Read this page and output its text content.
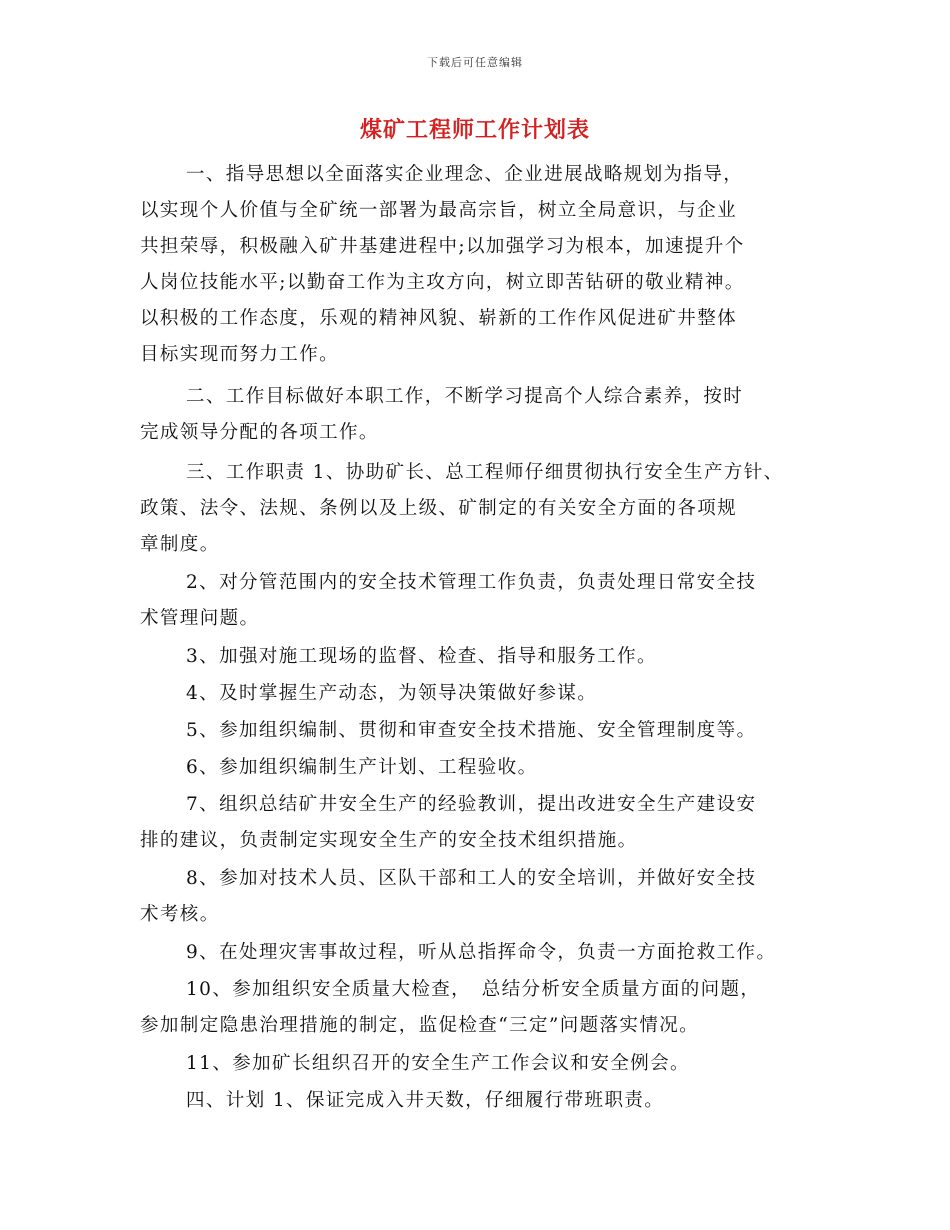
下载后可任意编辑
煤矿工程师工作计划表
一、指导思想以全面落实企业理念、企业进展战略规划为指导，
以实现个人价值与全矿统一部署为最高宗旨，树立全局意识，与企业
共担荣辱，积极融入矿井基建进程中;以加强学习为根本，加速提升个
人岗位技能水平;以勤奋工作为主攻方向，树立即苦钻研的敬业精神。
以积极的工作态度，乐观的精神风貌、崭新的工作作风促进矿井整体
目标实现而努力工作。
二、工作目标做好本职工作，不断学习提高个人综合素养，按时
完成领导分配的各项工作。
三、工作职责 1、协助矿长、总工程师仔细贯彻执行安全生产方针、
政策、法令、法规、条例以及上级、矿制定的有关安全方面的各项规
章制度。
2、对分管范围内的安全技术管理工作负责，负责处理日常安全技
术管理问题。
3、加强对施工现场的监督、检查、指导和服务工作。
4、及时掌握生产动态，为领导决策做好参谋。
5、参加组织编制、贯彻和审查安全技术措施、安全管理制度等。
6、参加组织编制生产计划、工程验收。
7、组织总结矿井安全生产的经验教训，提出改进安全生产建设安
排的建议，负责制定实现安全生产的安全技术组织措施。
8、参加对技术人员、区队干部和工人的安全培训，并做好安全技
术考核。
9、在处理灾害事故过程，听从总指挥命令，负责一方面抢救工作。
10、参加组织安全质量大检查，　总结分析安全质量方面的问题，
参加制定隐患治理措施的制定，监促检查“三定”问题落实情况。
11、参加矿长组织召开的安全生产工作会议和安全例会。
四、计划 1、保证完成入井天数，仔细履行带班职责。
